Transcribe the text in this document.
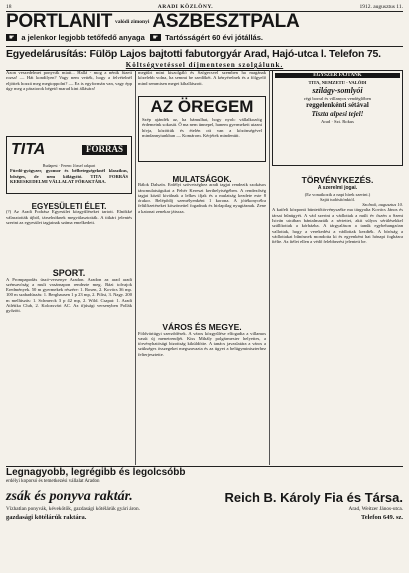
18	ARADI KÖZLÖNY.	1912. augusztus 11.
PORTLANIT valódi zimonyi ASZBESZTPALA
☛ a jelenkor legjobb tetőfedő anyaga	☛ Tartósságért 60 évi jótállás.
Egyedelárusítás: Fülöp Lajos bajtotti fabutorgyár Arad, Hajó-utca l. Telefon 75.
Költségvetéssel díjmentesen szolgálunk.
Azon veszedelmet ponyvák miatt... Hallá - mog a nénik füzeti rozsa! — Hát kondilyen? Vagy nem vették, hogy a felvételnél eljöttek hozzá meg megtoppolni? — Ez is egyformán van, vagy épp úgy meg a pásztorok bégető marad kint állására!
TITA	FORRÁS
Budapest · Ferenc József rakpart
Fürdő-gyógyzer, gyomor és bélbetegségeknél klaszikus, bőséges, de nem kőlágyító. TITA FORRÁS KERESKEDELMI VÁLLALAT FŐRAKTÁRA.
EGYESÜLETI ÉLET.
(?) Az Aradi Fodrász Egyesület közgyűléseket tartott. Elnökké választották újból, társelnöknek megválasztották. A titkári jelentés szerint az egyesület tagjainak száma emelkedett.
SPORT.
A Prompapodás úszó-versenye Aradon. Aradon az arad aradi szénsavóság a mult vasárnapon rendezte meg. Bázi tolvajok Eredmények. 50 m gyermekek részére: 1. Rosen, 2. Kovács 36 mp. 100 m szabadúszás: 1. Berghausen 1 p 23 mp, 2. Pilisi, 3. Nagy. 200 m mellúszás: 1. Schmerck 3 p 42 mp, 2. Wild. Csapat: 1. Aradi Atlétika Club, 2. Kolozsvári AC. Az ifjúsági versenyben Pollák győzött.
megtűrt mint kiszolgáló és Szögecsvel szemben ha magának közelebb volna, ha semmi be szedőkét. A kényérelnek és a fölgyelő mind semmisen meget kíhallászott.
AZ ÖREGEM
Szép ajándék az, ha bámulhat, hogy nyolc vállalkozóig érdemeink sokasát. Ő ma nem ünnepel, hanem gyermekeit utazni hívja, közöttük és ételén ott van a közönségével mindannyiunkban — Komárom. Kérjétek mindenütt.
MULATSÁGOK.
Bálok Dalszín. Erdélyi szövetséghez aradi tagjai rendezik szokásos táncmulatságukat a Fehér Kereszt kerthelyiségében. A rendezőség tagjai közül kiválnak a lelkes ifjak és a mulatság kezdete este 8 órakor. Belépődíj személyenként 1 korona. A jótékonycélra felülfizetéseket köszönettel fogadnak és hirlapilag nyugtáznak. Zene a katonai zenekar játssza.
VÁROS ÉS MEGYE.
Földváriügyi szerződések. A város közgyűlése elfogadta a villamos vasút új menetrendjét. Kiss Mihály polgármester helyettes, a törvényhatósági bizottság kiküldötte. A tanács javaslatára a város a szükséges összegeket megszavazta és az ügyet a belügyminiszterhez felterjesztette.
EGYSZER FAJTÁNK
TITA, NEMZETI! - VALÓDI
szilágy-somlyói
régi borral és villanyos vendéglőben
reggelenkénti sétával
Tiszta alpesi tejel!
Arad · Szt. Rokus
TÖRVÉNYKEZÉS.
A szerelmi jogai.
(Ez vonatkozik a napi hírek szerint.)
Saját tudósítónktól.
Szolnok, augusztus 10.
A kaifeli központi büntetőtörvényszéke ma tárgyalta Kovács János és társai bűnügyét. A vád szerint a vádlottak a múlt év őszén a Szent István utcában bántalmazták a sértettet, akit súlyos sérülésekkel szállítottak a kórházba. A tárgyaláson a tanúk egybehangzóan vallottak, hogy a verekedést a vádlottak kezdték. A bíróság a vádlottakat bűnösnek mondotta ki és egyenként hat hónapi fogházra ítélte. Az ítélet ellen a védő felebbezést jelentett be.
Legnagyobb, legrégibb és legolcsóbb
erdélyi koporsó és temetkezési vállalat Aradon
zsák és ponyva raktár.	Reich B. Károly Fia és Társa.
Vízhatlan ponyvák, kévekötők, gazdasági kötélárúk gyári áron.	Arad, Weitzer János-utca.
gazdasági kötélárúk raktára.	Telefon 649. sz.
